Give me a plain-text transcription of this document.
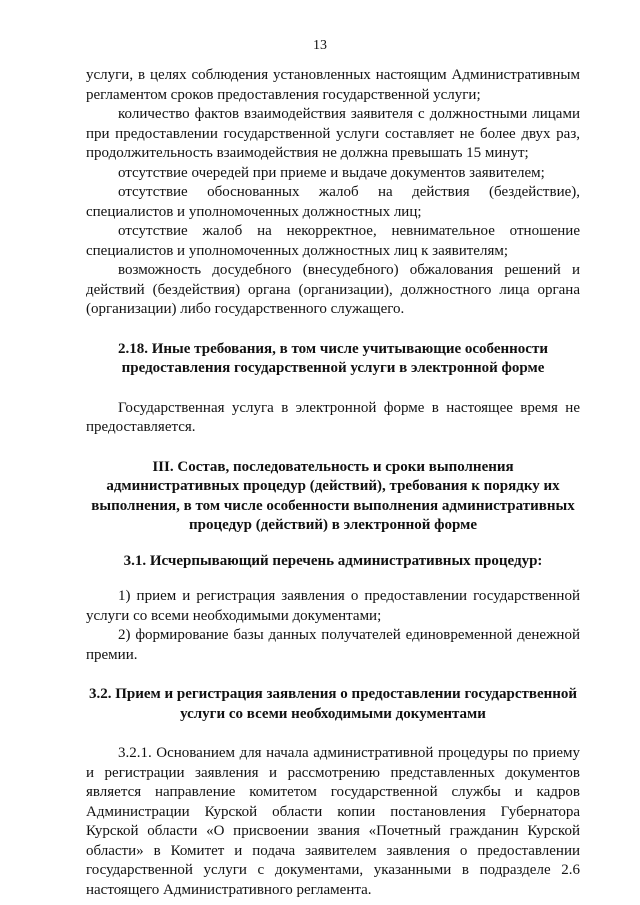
13

услуги, в целях соблюдения установленных настоящим Административным регламентом сроков предоставления государственной услуги;

количество фактов взаимодействия заявителя с должностными лицами при предоставлении государственной услуги составляет не более двух раз, продолжительность взаимодействия не должна превышать 15 минут;

отсутствие очередей при приеме и выдаче документов заявителем;

отсутствие обоснованных жалоб на действия (бездействие), специалистов и уполномоченных должностных лиц;

отсутствие жалоб на некорректное, невнимательное отношение специалистов и уполномоченных должностных лиц к заявителям;

возможность досудебного (внесудебного) обжалования решений и действий (бездействия) органа (организации), должностного лица органа (организации) либо государственного служащего.

2.18. Иные требования, в том числе учитывающие особенности предоставления государственной услуги в электронной форме

Государственная услуга в электронной форме в настоящее время не предоставляется.

III. Состав, последовательность и сроки выполнения административных процедур (действий), требования к порядку их выполнения, в том числе особенности выполнения административных процедур (действий) в электронной форме

3.1. Исчерпывающий перечень административных процедур:

1) прием и регистрация заявления о предоставлении государственной услуги со всеми необходимыми документами;

2) формирование базы данных получателей единовременной денежной премии.

3.2. Прием и регистрация заявления о предоставлении государственной услуги со всеми необходимыми документами

3.2.1. Основанием для начала административной процедуры по приему и регистрации заявления и рассмотрению представленных документов является направление комитетом государственной службы и кадров Администрации Курской области копии постановления Губернатора Курской области «О присвоении звания «Почетный гражданин Курской области» в Комитет и подача заявителем заявления о предоставлении государственной услуги с документами, указанными в подразделе 2.6 настоящего Административного регламента.
